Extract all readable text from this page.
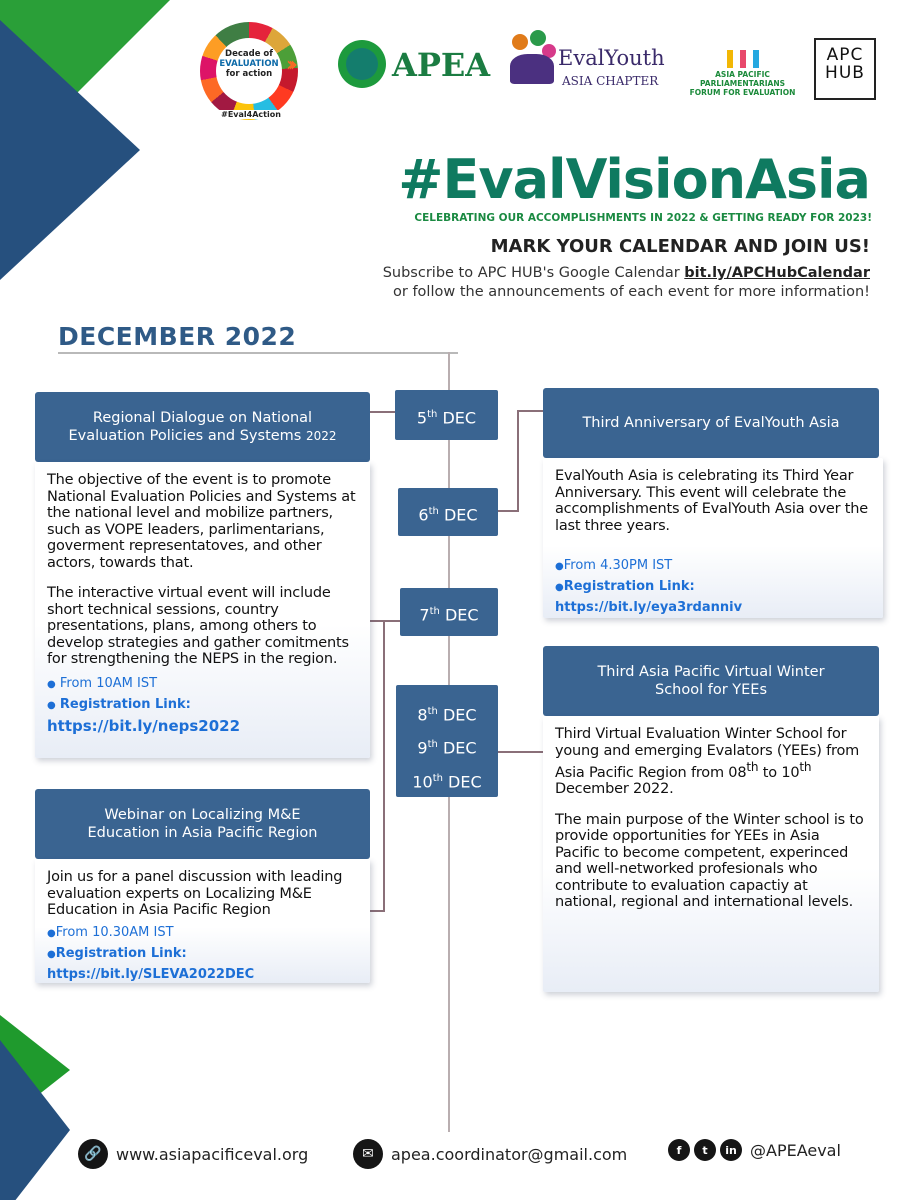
Decade of
EVALUATION
for action ›››
#Eval4Action
APEA	EvalYouth
ASIA CHAPTER	ASIA PACIFIC PARLIAMENTARIANS
FORUM FOR EVALUATION
APC
HUB
#EvalVisionAsia
CELEBRATING OUR ACCOMPLISHMENTS IN 2022 & GETTING READY FOR 2023!
MARK YOUR CALENDAR AND JOIN US!
Subscribe to APC HUB's Google Calendar bit.ly/APCHubCalendar
or follow the announcements of each event for more information!
DECEMBER 2022
5th DEC
6th DEC
7th DEC
8th DEC
9th DEC
10th DEC
Regional Dialogue on National
Evaluation Policies and Systems 2022

The objective of the event is to promote National Evaluation Policies and Systems at the national level and mobilize partners, such as VOPE leaders, parlimentarians, goverment representatoves, and other actors, towards that.

The interactive virtual event will include short technical sessions, country presentations, plans, among others to develop strategies and gather comitments for strengthening the NEPS in the region.

● From 10AM IST
● Registration Link: https://bit.ly/neps2022
Third Anniversary of EvalYouth Asia

EvalYouth Asia is celebrating its Third Year Anniversary. This event will celebrate the accomplishments of EvalYouth Asia over the last three years.

●From 4.30PM IST
●Registration Link: https://bit.ly/eya3rdanniv
Webinar on Localizing M&E
Education in Asia Pacific Region

Join us for a panel discussion with leading evaluation experts on Localizing M&E Education in Asia Pacific Region

●From 10.30AM IST
●Registration Link: https://bit.ly/SLEVA2022DEC
Third Asia Pacific Virtual Winter
School for YEEs

Third Virtual Evaluation Winter School for young and emerging Evalators (YEEs) from Asia Pacific Region from 08th to 10th December 2022.

The main purpose of the Winter school is to provide opportunities for YEEs in Asia Pacific to become competent, experinced and well-networked profesionals who contribute to evaluation capactiy at national, regional and international levels.

🔗 www.asiapacificeval.org	✉	apea.coordinator@gmail.com	f	t	in @APEAeval
